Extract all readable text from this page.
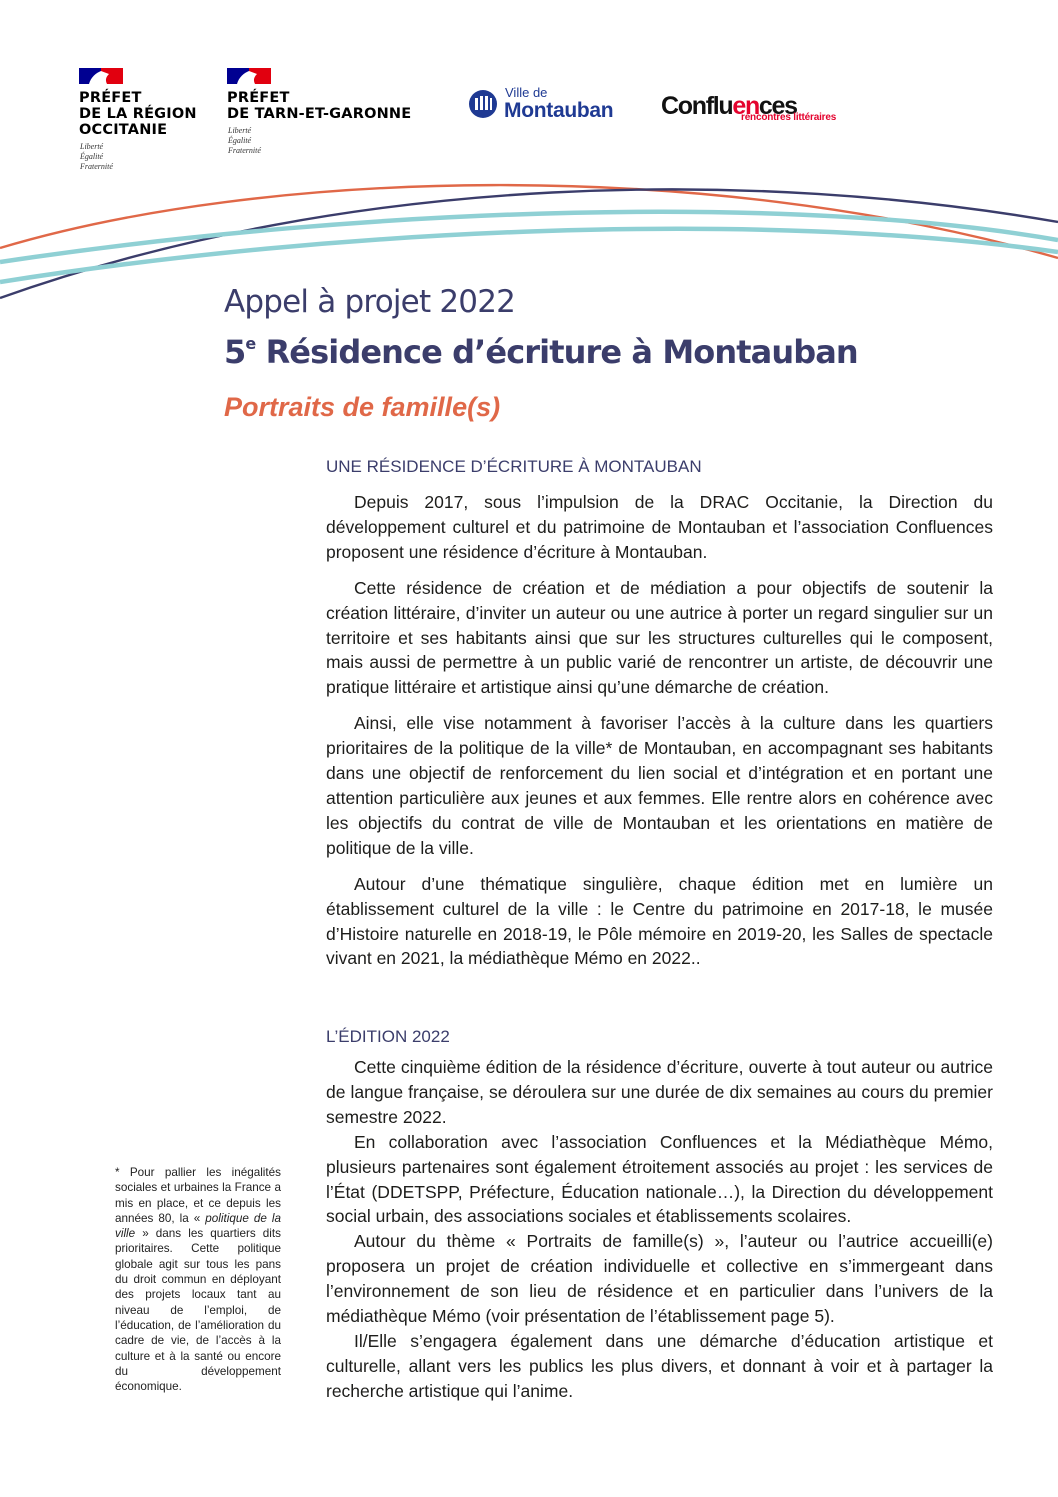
PRÉFET
DE LA RÉGION
OCCITANIE
Liberté
Égalité
Fraternité
PRÉFET
DE TARN-ET-GARONNE
Liberté
Égalité
Fraternité
Ville de
Montauban Confluences
rencontres littéraires
Appel à projet 2022
5e Résidence d’écriture à Montauban
Portraits de famille(s)
UNE RÉSIDENCE D’ÉCRITURE À MONTAUBAN

Depuis 2017, sous l’impulsion de la DRAC Occitanie, la Direction du développement culturel et du patrimoine de Montauban et l’association Confluences proposent une résidence d’écriture à Montauban.

Cette résidence de création et de médiation a pour objectifs de soutenir la création littéraire, d’inviter un auteur ou une autrice à porter un regard singulier sur un territoire et ses habitants ainsi que sur les structures culturelles qui le composent, mais aussi de permettre à un public varié de rencontrer un artiste, de découvrir une pratique littéraire et artistique ainsi qu’une démarche de création.

Ainsi, elle vise notamment à favoriser l’accès à la culture dans les quartiers prioritaires de la politique de la ville* de Montauban, en accompagnant ses habitants dans une objectif de renforcement du lien social et d’intégration et en portant une attention particulière aux jeunes et aux femmes. Elle rentre alors en cohérence avec les objectifs du contrat de ville de Montauban et les orientations en matière de politique de la ville.

Autour d’une thématique singulière, chaque édition met en lumière un établissement culturel de la ville : le Centre du patrimoine en 2017-18, le musée d’Histoire naturelle en 2018-19, le Pôle mémoire en 2019-20, les Salles de spectacle vivant en 2021, la médiathèque Mémo en 2022..

L’ÉDITION 2022

Cette cinquième édition de la résidence d’écriture, ouverte à tout auteur ou autrice de langue française, se déroulera sur une durée de dix semaines au cours du premier semestre 2022.

En collaboration avec l’association Confluences et la Médiathèque Mémo, plusieurs partenaires sont également étroitement associés au projet : les services de l’État (DDETSPP, Préfecture, Éducation nationale…), la Direction du développement social urbain, des associations sociales et établissements scolaires.

Autour du thème « Portraits de famille(s) », l’auteur ou l’autrice accueilli(e) proposera un projet de création individuelle et collective en s’immergeant dans l’environnement de son lieu de résidence et en particulier dans l’univers de la médiathèque Mémo (voir présentation de l’établissement page 5).

Il/Elle s’engagera également dans une démarche d’éducation artistique et culturelle, allant vers les publics les plus divers, et donnant à voir et à partager la recherche artistique qui l’anime.

* Pour pallier les inégalités sociales et urbaines la France a mis en place, et ce depuis les années 80, la « politique de la ville » dans les quartiers dits prioritaires. Cette politique globale agit sur tous les pans du droit commun en déployant des projets locaux tant au niveau de l’emploi, de l’éducation, de l’amélioration du cadre de vie, de l’accès à la culture et à la santé ou encore du développement économique.
